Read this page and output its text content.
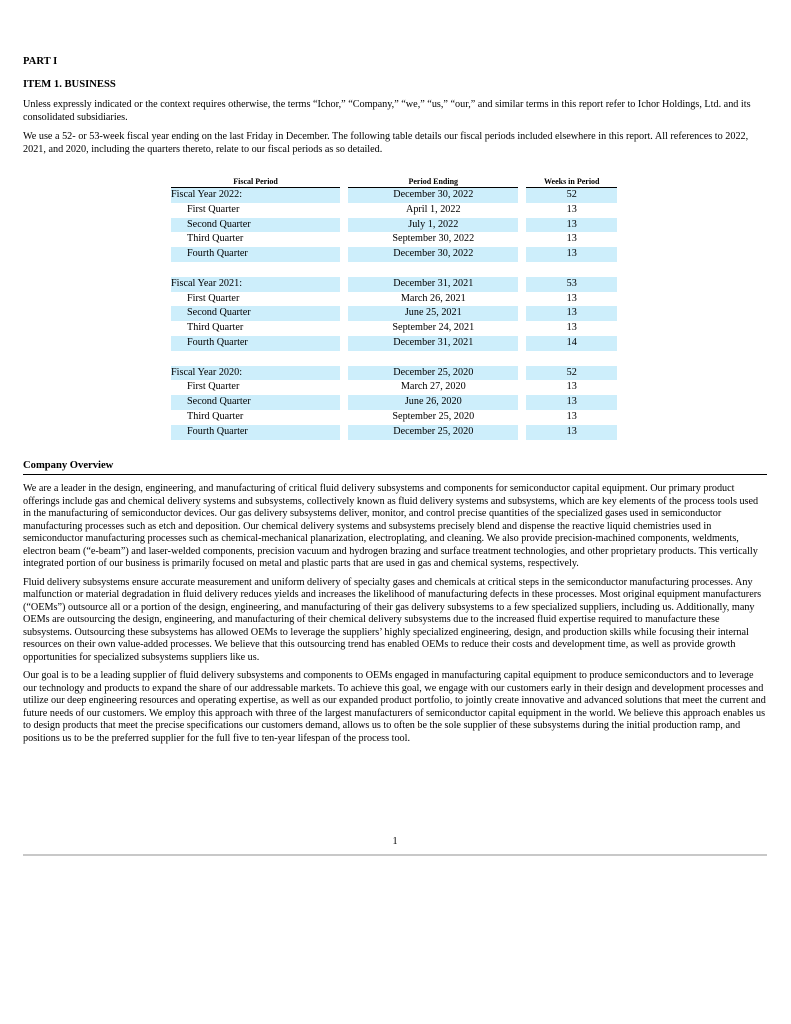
PART I

ITEM 1. BUSINESS

Unless expressly indicated or the context requires otherwise, the terms “Ichor,” “Company,” “we,” “us,” “our,” and similar terms in this report refer to Ichor Holdings, Ltd. and its consolidated subsidiaries.

We use a 52- or 53-week fiscal year ending on the last Friday in December. The following table details our fiscal periods included elsewhere in this report. All references to 2022, 2021, and 2020, including the quarters thereto, relate to our fiscal periods as so detailed.

Fiscal Period		Period Ending		Weeks in Period
Fiscal Year 2022:		December 30, 2022		52
First Quarter		April 1, 2022		13
Second Quarter		July 1, 2022		13
Third Quarter		September 30, 2022		13
Fourth Quarter		December 30, 2022		13

Fiscal Year 2021:		December 31, 2021		53
First Quarter		March 26, 2021		13
Second Quarter		June 25, 2021		13
Third Quarter		September 24, 2021		13
Fourth Quarter		December 31, 2021		14

Fiscal Year 2020:		December 25, 2020		52
First Quarter		March 27, 2020		13
Second Quarter		June 26, 2020		13
Third Quarter		September 25, 2020		13
Fourth Quarter		December 25, 2020		13
Company Overview

We are a leader in the design, engineering, and manufacturing of critical fluid delivery subsystems and components for semiconductor capital equipment. Our primary product offerings include gas and chemical delivery systems and subsystems, collectively known as fluid delivery systems and subsystems, which are key elements of the process tools used in the manufacturing of semiconductor devices. Our gas delivery subsystems deliver, monitor, and control precise quantities of the specialized gases used in semiconductor manufacturing processes such as etch and deposition. Our chemical delivery systems and subsystems precisely blend and dispense the reactive liquid chemistries used in semiconductor manufacturing processes such as chemical-mechanical planarization, electroplating, and cleaning. We also provide precision-machined components, weldments, electron beam (“e-beam”) and laser-welded components, precision vacuum and hydrogen brazing and surface treatment technologies, and other proprietary products. This vertically integrated portion of our business is primarily focused on metal and plastic parts that are used in gas and chemical systems, respectively.

Fluid delivery subsystems ensure accurate measurement and uniform delivery of specialty gases and chemicals at critical steps in the semiconductor manufacturing processes. Any malfunction or material degradation in fluid delivery reduces yields and increases the likelihood of manufacturing defects in these processes. Most original equipment manufacturers (“OEMs”) outsource all or a portion of the design, engineering, and manufacturing of their gas delivery subsystems to a few specialized suppliers, including us. Additionally, many OEMs are outsourcing the design, engineering, and manufacturing of their chemical delivery subsystems due to the increased fluid expertise required to manufacture these subsystems. Outsourcing these subsystems has allowed OEMs to leverage the suppliers’ highly specialized engineering, design, and production skills while focusing their internal resources on their own value-added processes. We believe that this outsourcing trend has enabled OEMs to reduce their costs and development time, as well as provide growth opportunities for specialized subsystems suppliers like us.

Our goal is to be a leading supplier of fluid delivery subsystems and components to OEMs engaged in manufacturing capital equipment to produce semiconductors and to leverage our technology and products to expand the share of our addressable markets. To achieve this goal, we engage with our customers early in their design and development processes and utilize our deep engineering resources and operating expertise, as well as our expanded product portfolio, to jointly create innovative and advanced solutions that meet the current and future needs of our customers. We employ this approach with three of the largest manufacturers of semiconductor capital equipment in the world. We believe this approach enables us to design products that meet the precise specifications our customers demand, allows us to often be the sole supplier of these subsystems during the initial production ramp, and positions us to be the preferred supplier for the full five to ten-year lifespan of the process tool.

1
